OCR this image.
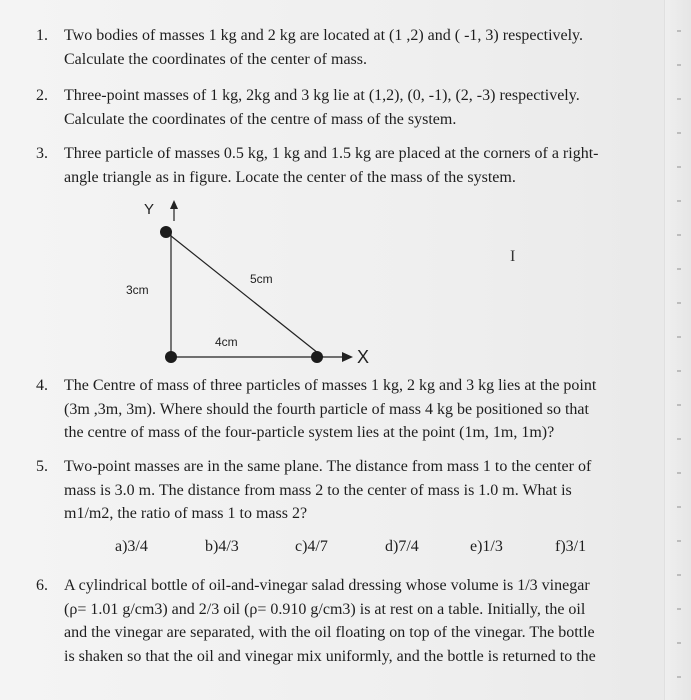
1. Two bodies of masses 1 kg and 2 kg are located at (1 ,2) and ( -1, 3) respectively.
Calculate the coordinates of the center of mass.
2. Three-point masses of 1 kg, 2kg and 3 kg lie at (1,2), (0, -1), (2, -3) respectively.
Calculate the coordinates of the centre of mass of the system.
3. Three particle of masses 0.5 kg, 1 kg and 1.5 kg are placed at the corners of a right-
angle triangle as in figure. Locate the center of the mass of the system.
Y
X
3cm
5cm
4cm
I
4. The Centre of mass of three particles of masses 1 kg, 2 kg and 3 kg lies at the point
(3m ,3m, 3m). Where should the fourth particle of mass 4 kg be positioned so that
the centre of mass of the four-particle system lies at the point (1m, 1m, 1m)?
5. Two-point masses are in the same plane. The distance from mass 1 to the center of
mass is 3.0 m. The distance from mass 2 to the center of mass is 1.0 m. What is
m1/m2, the ratio of mass 1 to mass 2?
a)3/4	b)4/3	c)4/7	d)7/4	e)1/3	f)3/1
6. A cylindrical bottle of oil-and-vinegar salad dressing whose volume is 1/3 vinegar
(ρ= 1.01 g/cm3) and 2/3 oil (ρ= 0.910 g/cm3) is at rest on a table. Initially, the oil
and the vinegar are separated, with the oil floating on top of the vinegar. The bottle
is shaken so that the oil and vinegar mix uniformly, and the bottle is returned to the
